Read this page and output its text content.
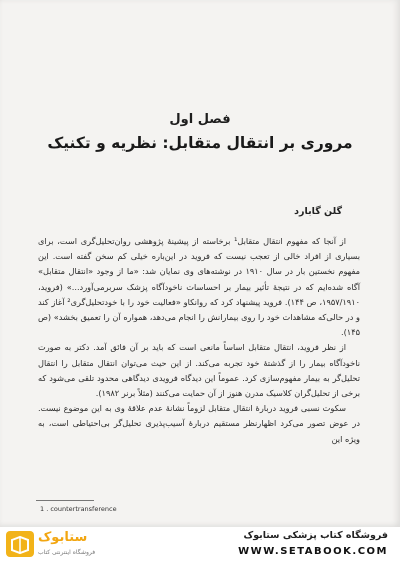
فصل اول
مروری بر انتقال متقابل: نظریه و تکنیک
گلن گابارد

از آنجا که مفهوم انتقال متقابل¹ برخاسته از پیشینهٔ پژوهشی روان‌تحلیل‌گری است، برای بسیاری از افراد خالی از تعجب نیست که فروید در این‌باره خیلی کم سخن گفته است. این مفهوم نخستین بار در سال ۱۹۱۰ در نوشته‌های وی نمایان شد: «ما از وجود «انتقال متقابل» آگاه شده‌ایم که در نتیجهٔ تأثیر بیمار بر احساسات ناخودآگاه پزشک سربرمی‌آورد...» (فروید، ۱۹۵۷/۱۹۱۰، ص ۱۴۴). فروید پیشنهاد کرد که روانکاو «فعالیت خود را با خودتحلیل‌گری² آغاز کند و در حالی‌که مشاهدات خود را روی بیمارانش را انجام می‌دهد، همواره آن را تعمیق بخشد» (ص ۱۴۵).

از نظر فروید، انتقال متقابل اساساً مانعی است که باید بر آن فائق آمد. دکتر به صورت ناخودآگاه بیمار را از گذشتهٔ خود تجربه می‌کند. از این حیث می‌توان انتقال متقابل را انتقال تحلیل‌گر به بیمار مفهوم‌سازی کرد. عموماً این دیدگاه فرویدی دیدگاهی محدود تلقی می‌شود که برخی از تحلیل‌گران کلاسیک مدرن هنوز از آن حمایت می‌کنند (مثلاً برنر ۱۹۸۲).

سکوت نسبی فروید دربارهٔ انتقال متقابل لزوماً نشانهٔ عدم علاقهٔ وی به این موضوع نیست. در عوض تصور می‌کرد اظهارنظر مستقیم دربارهٔ آسیب‌پذیری تحلیل‌گر بی‌احتیاطی است، به ویژه این

1 . countertransference
ستابوک
فروشگاه اینترنتی کتاب
فروشگاه کتاب پزشکی ستابوک
WWW.SETABOOK.COM
